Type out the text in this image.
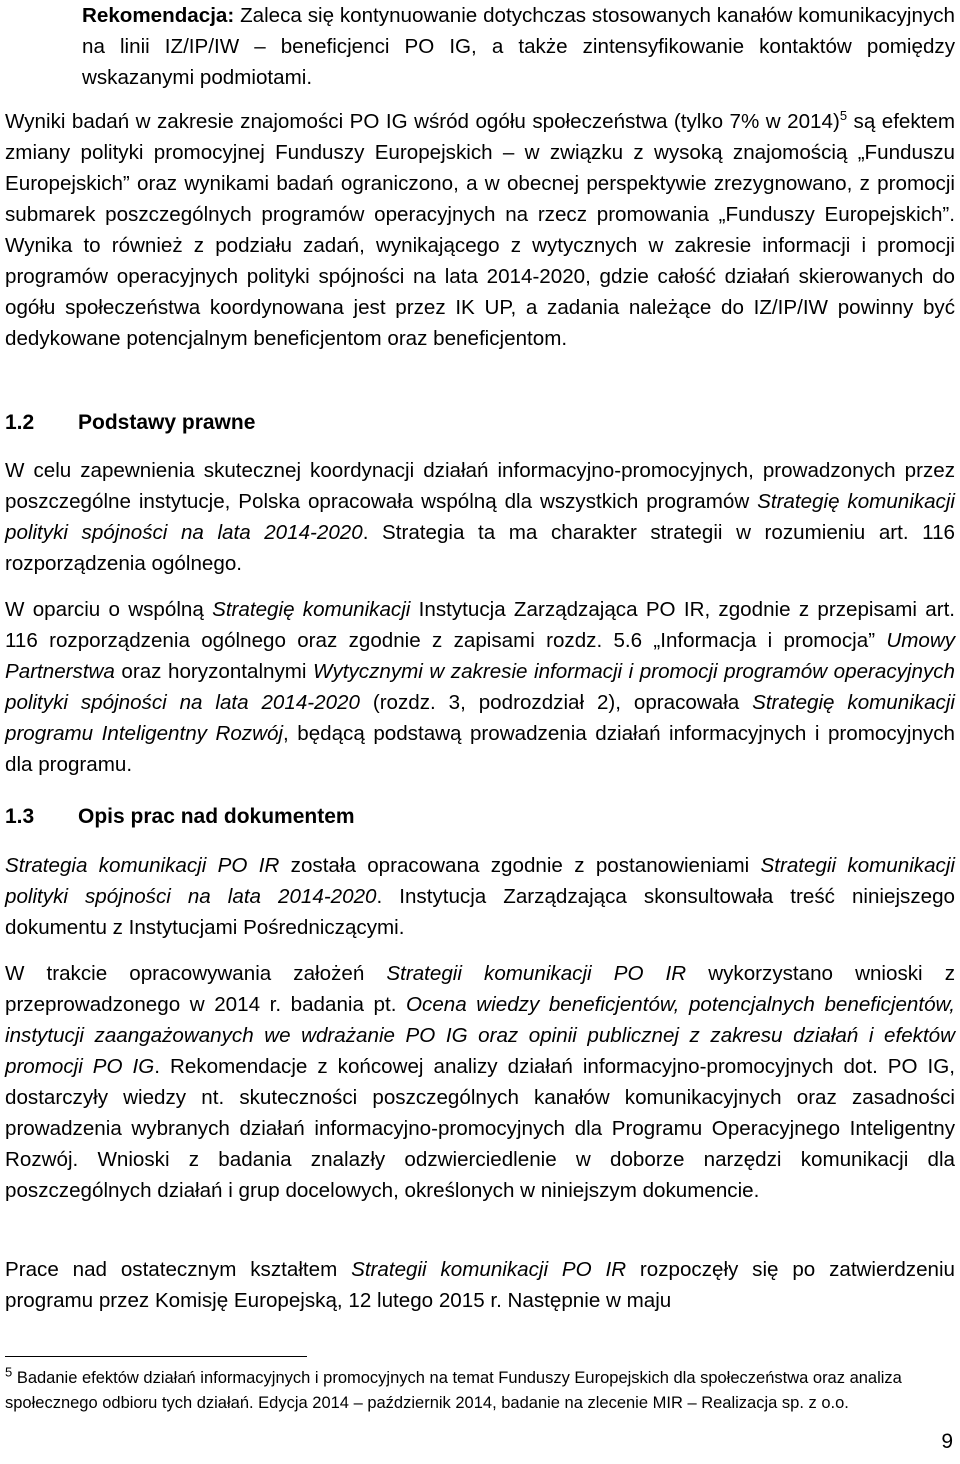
Rekomendacja: Zaleca się kontynuowanie dotychczas stosowanych kanałów komunikacyjnych na linii IZ/IP/IW – beneficjenci PO IG, a także zintensyfikowanie kontaktów pomiędzy wskazanymi podmiotami.

Wyniki badań w zakresie znajomości PO IG wśród ogółu społeczeństwa (tylko 7% w 2014)$^5$ są efektem zmiany polityki promocyjnej Funduszy Europejskich – w związku z wysoką znajomością „Funduszu Europejskich” oraz wynikami badań ograniczono, a w obecnej perspektywie zrezygnowano, z promocji submarek poszczególnych programów operacyjnych na rzecz promowania „Funduszy Europejskich”. Wynika to również z podziału zadań, wynikającego z wytycznych w zakresie informacji i promocji programów operacyjnych polityki spójności na lata 2014-2020, gdzie całość działań skierowanych do ogółu społeczeństwa koordynowana jest przez IK UP, a zadania należące do IZ/IP/IW powinny być dedykowane potencjalnym beneficjentom oraz beneficjentom.

1.2	Podstawy prawne

W celu zapewnienia skutecznej koordynacji działań informacyjno-promocyjnych, prowadzonych przez poszczególne instytucje, Polska opracowała wspólną dla wszystkich programów Strategię komunikacji polityki spójności na lata 2014-2020. Strategia ta ma charakter strategii w rozumieniu art. 116 rozporządzenia ogólnego.

W oparciu o wspólną Strategię komunikacji Instytucja Zarządzająca PO IR, zgodnie z przepisami art. 116 rozporządzenia ogólnego oraz zgodnie z zapisami rozdz. 5.6 „Informacja i promocja” Umowy Partnerstwa oraz horyzontalnymi Wytycznymi w zakresie informacji i promocji programów operacyjnych polityki spójności na lata 2014-2020 (rozdz. 3, podrozdział 2), opracowała Strategię komunikacji programu Inteligentny Rozwój, będącą podstawą prowadzenia działań informacyjnych i promocyjnych dla programu.

1.3	Opis prac nad dokumentem

Strategia komunikacji PO IR została opracowana zgodnie z postanowieniami Strategii komunikacji polityki spójności na lata 2014-2020. Instytucja Zarządzająca skonsultowała treść niniejszego dokumentu z Instytucjami Pośredniczącymi.

W trakcie opracowywania założeń Strategii komunikacji PO IR wykorzystano wnioski z przeprowadzonego w 2014 r. badania pt. Ocena wiedzy beneficjentów, potencjalnych beneficjentów, instytucji zaangażowanych we wdrażanie PO IG oraz opinii publicznej z zakresu działań i efektów promocji PO IG. Rekomendacje z końcowej analizy działań informacyjno-promocyjnych dot. PO IG, dostarczyły wiedzy nt. skuteczności poszczególnych kanałów komunikacyjnych oraz zasadności prowadzenia wybranych działań informacyjno-promocyjnych dla Programu Operacyjnego Inteligentny Rozwój. Wnioski z badania znalazły odzwierciedlenie w doborze narzędzi komunikacji dla poszczególnych działań i grup docelowych, określonych w niniejszym dokumencie.

Prace nad ostatecznym kształtem Strategii komunikacji PO IR rozpoczęły się po zatwierdzeniu programu przez Komisję Europejską, 12 lutego 2015 r. Następnie w maju

$^5$ Badanie efektów działań informacyjnych i promocyjnych na temat Funduszy Europejskich dla społeczeństwa oraz analiza społecznego odbioru tych działań. Edycja 2014 – październik 2014, badanie na zlecenie MIR – Realizacja sp. z o.o.

9
